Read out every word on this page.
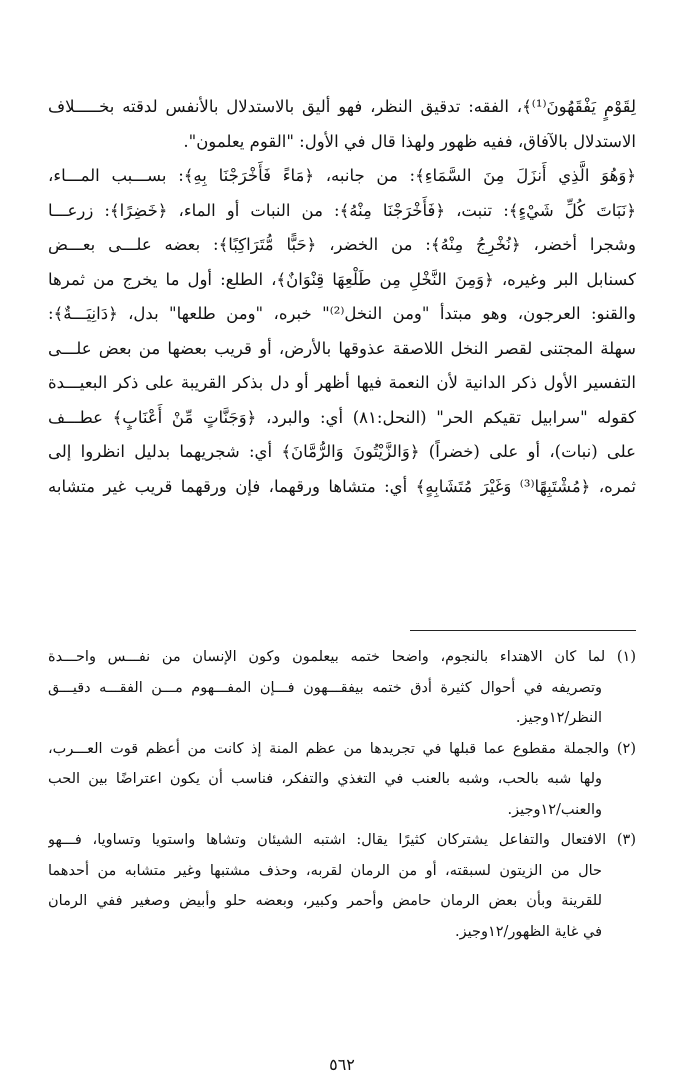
لِقَوْمٍ يَفْقَهُونَ⁽¹⁾﴾، الفقه: تدقيق النظر، فهو أليق بالاستدلال بالأنفس لدقته بخـــــلاف
الاستدلال بالآفاق، ففيه ظهور ولهذا قال في الأول: "القوم يعلمون".
﴿وَهُوَ الَّذِي أَنزَلَ مِنَ السَّمَاءِ﴾: من جانبه، ﴿مَاءً فَأَخْرَجْنَا بِهِ﴾: بســـبب المـــاء،
﴿نَبَاتَ كُلِّ شَيْءٍ﴾: تنبت، ﴿فَأَخْرَجْنَا مِنْهُ﴾: من النبات أو الماء، ﴿خَضِرًا﴾: زرعـــا
وشجرا أخضر، ﴿نُخْرِجُ مِنْهُ﴾: من الخضر، ﴿حَبًّا مُّتَرَاكِبًا﴾: بعضه علـــى بعـــض
كسنابل البر وغيره، ﴿وَمِنَ النَّخْلِ مِن طَلْعِهَا قِنْوَانٌ﴾، الطلع: أول ما يخرج من ثمرها
والقنو: العرجون، وهو مبتدأ "ومن النخل⁽²⁾" خبره، "ومن طلعها" بدل، ﴿دَانِيَـــةٌ﴾:
سهلة المجتنى لقصر النخل اللاصقة عذوقها بالأرض، أو قريب بعضها من بعض علـــى
التفسير الأول ذكر الدانية لأن النعمة فيها أظهر أو دل بذكر القريبة على ذكر البعيـــدة
كقوله "سرابيل تقيكم الحر" (النحل:٨١) أي: والبرد، ﴿وَجَنَّاتٍ مِّنْ أَعْنَابٍ﴾ عطـــف
على (نبات)، أو على (خضراً) ﴿وَالزَّيْتُونَ وَالرُّمَّانَ﴾ أي: شجريهما بدليل انظروا إلى
ثمره، ﴿مُشْتَبِهًا⁽³⁾ وَغَيْرَ مُتَشَابِهٍ﴾ أي: متشاها ورقهما، فإن ورقهما قريب غير متشابه
(١) لما كان الاهتداء بالنجوم، واضحا ختمه بيعلمون وكون الإنسان من نفـــس واحـــدة
وتصريفه في أحوال كثيرة أدق ختمه بيفقـــهون فـــإن المفـــهوم مـــن الفقـــه دقيـــق
النظر/١٢وجيز.
(٢) والجملة مقطوع عما قبلها في تجريدها من عظم المنة إذ كانت من أعظم قوت العـــرب،
ولها شبه بالحب، وشبه بالعنب في التغذي والتفكر، فناسب أن يكون اعتراضًا بين الحب
والعنب/١٢وجيز.
(٣) الافتعال والتفاعل يشتركان كثيرًا يقال: اشتبه الشيئان وتشاها واستويا وتساويا، فـــهو
حال من الزيتون لسبقته، أو من الرمان لقربه، وحذف مشتبها وغير متشابه من أحدهما
للقرينة وبأن بعض الرمان حامض وأحمر وكبير، وبعضه حلو وأبيض وصغير ففي الرمان
في غاية الظهور/١٢وجيز.
٥٦٢
